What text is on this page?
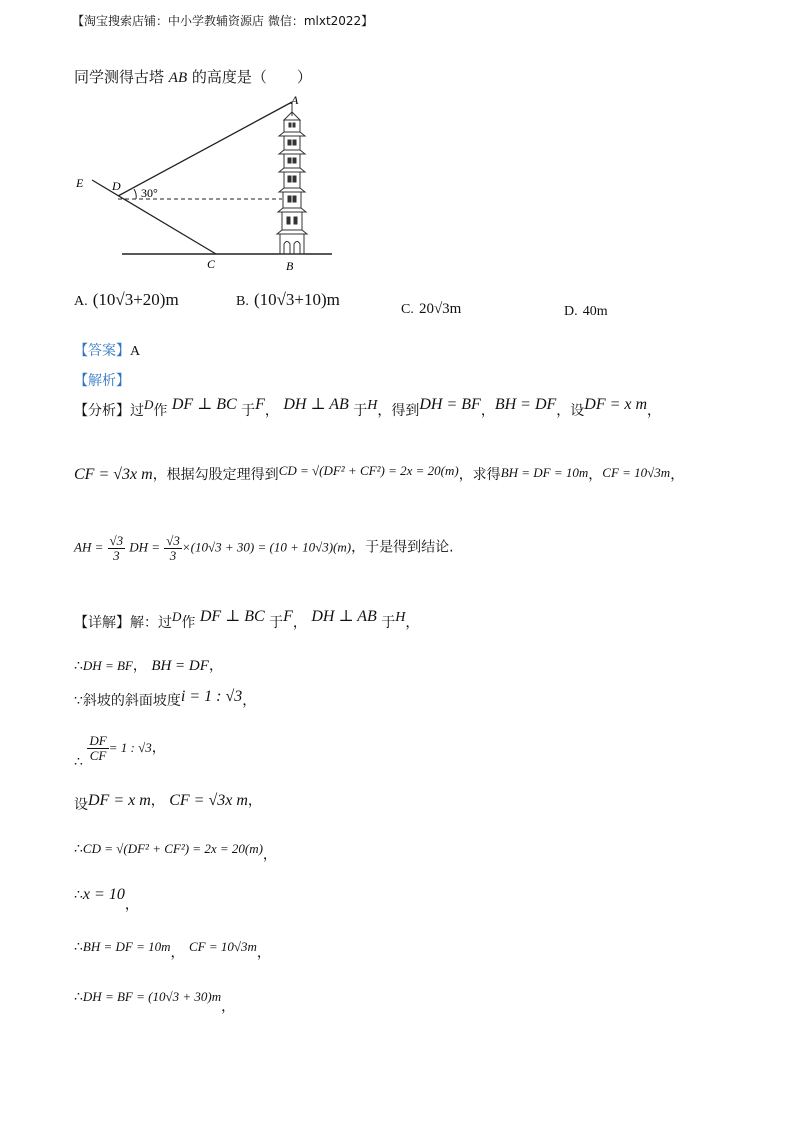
【淘宝搜索店铺：中小学教辅资源店 微信：mlxt2022】
同学测得古塔 AB 的高度是（　　）
A
B
C
D
E
30°
A. (10√3+20)m	B. (10√3+10)m
C. 20√3m	D. 40m
【答案】A
【解析】
【分析】过D作 DF ⊥ BC 于F， DH ⊥ AB 于H，得到DH = BF，BH = DF，设DF = x m，
CF = √3x m，根据勾股定理得到CD = √(DF² + CF²) = 2x = 20(m)，求得BH = DF = 10m，CF = 10√3m，
AH = $\frac{√3}{3}$ DH = $\frac{√3}{3} \times(10√3 + 30) = (10 + 10√3)(m)$，于是得到结论.
【详解】解：过D作 DF ⊥ BC 于F， DH ⊥ AB 于H，
∴DH = BF， BH = DF，
∵斜坡的斜面坡度i = 1 : √3，
∴
$\frac{DF}{CF} = 1$ : √3，
设DF = x m， CF = √3x m，
∴CD = √(DF² + CF²) = 2x = 20(m)，
∴x = 10，
∴BH = DF = 10m， CF = 10√3m，
∴DH = BF = (10√3 + 30)m，
